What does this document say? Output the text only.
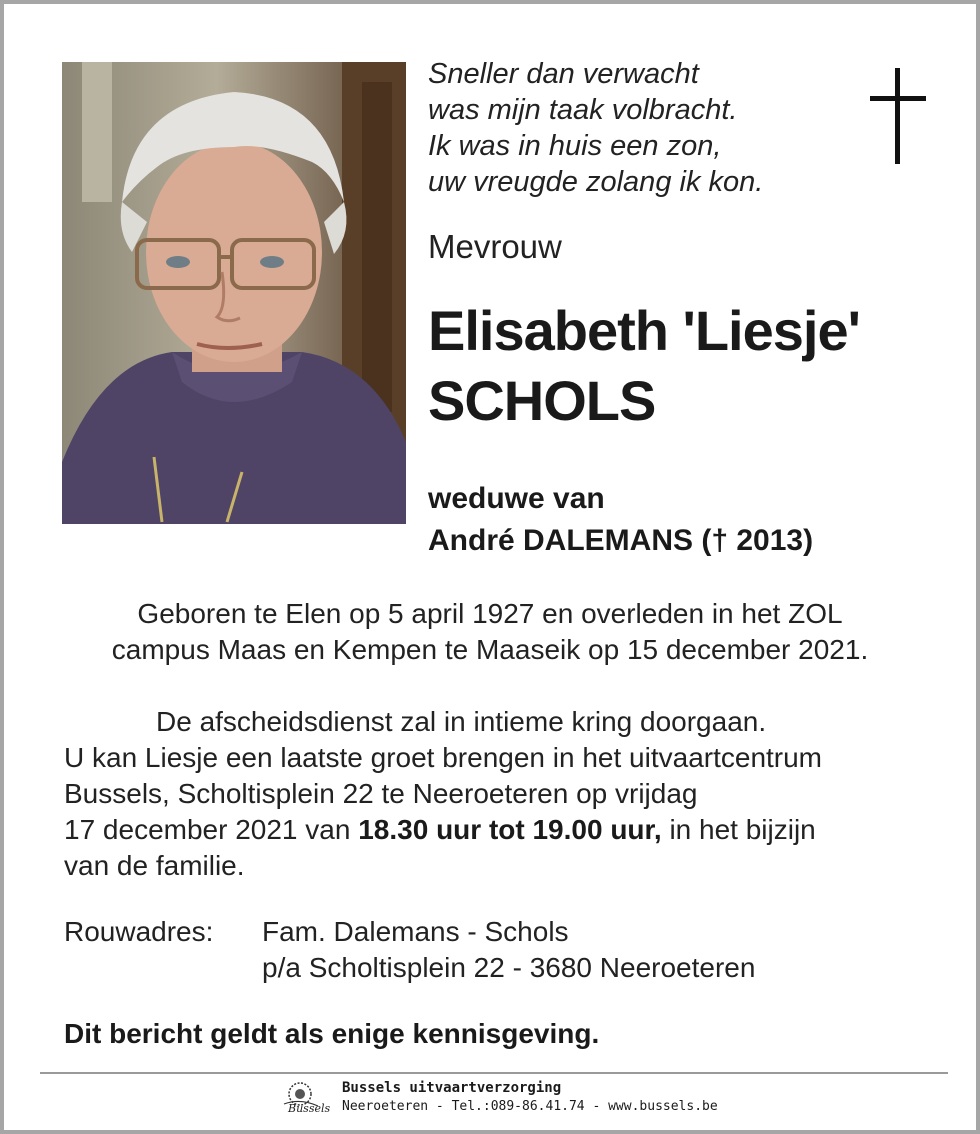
Sneller dan verwacht
was mijn taak volbracht.
Ik was in huis een zon,
uw vreugde zolang ik kon.
Mevrouw
Elisabeth 'Liesje'
SCHOLS
weduwe van
André DALEMANS († 2013)
Geboren te Elen op 5 april 1927 en overleden in het ZOL
campus Maas en Kempen te Maaseik op 15 december 2021.
De afscheidsdienst zal in intieme kring doorgaan.
U kan Liesje een laatste groet brengen in het uitvaartcentrum
Bussels, Scholtisplein 22 te Neeroeteren op vrijdag
17 december 2021 van 18.30 uur tot 19.00 uur, in het bijzijn
van de familie.
Rouwadres: Fam. Dalemans - Schols
p/a Scholtisplein 22 - 3680 Neeroeteren
Dit bericht geldt als enige kennisgeving.
Bussels
Bussels uitvaartverzorging
Neeroeteren - Tel.:089-86.41.74 - www.bussels.be
